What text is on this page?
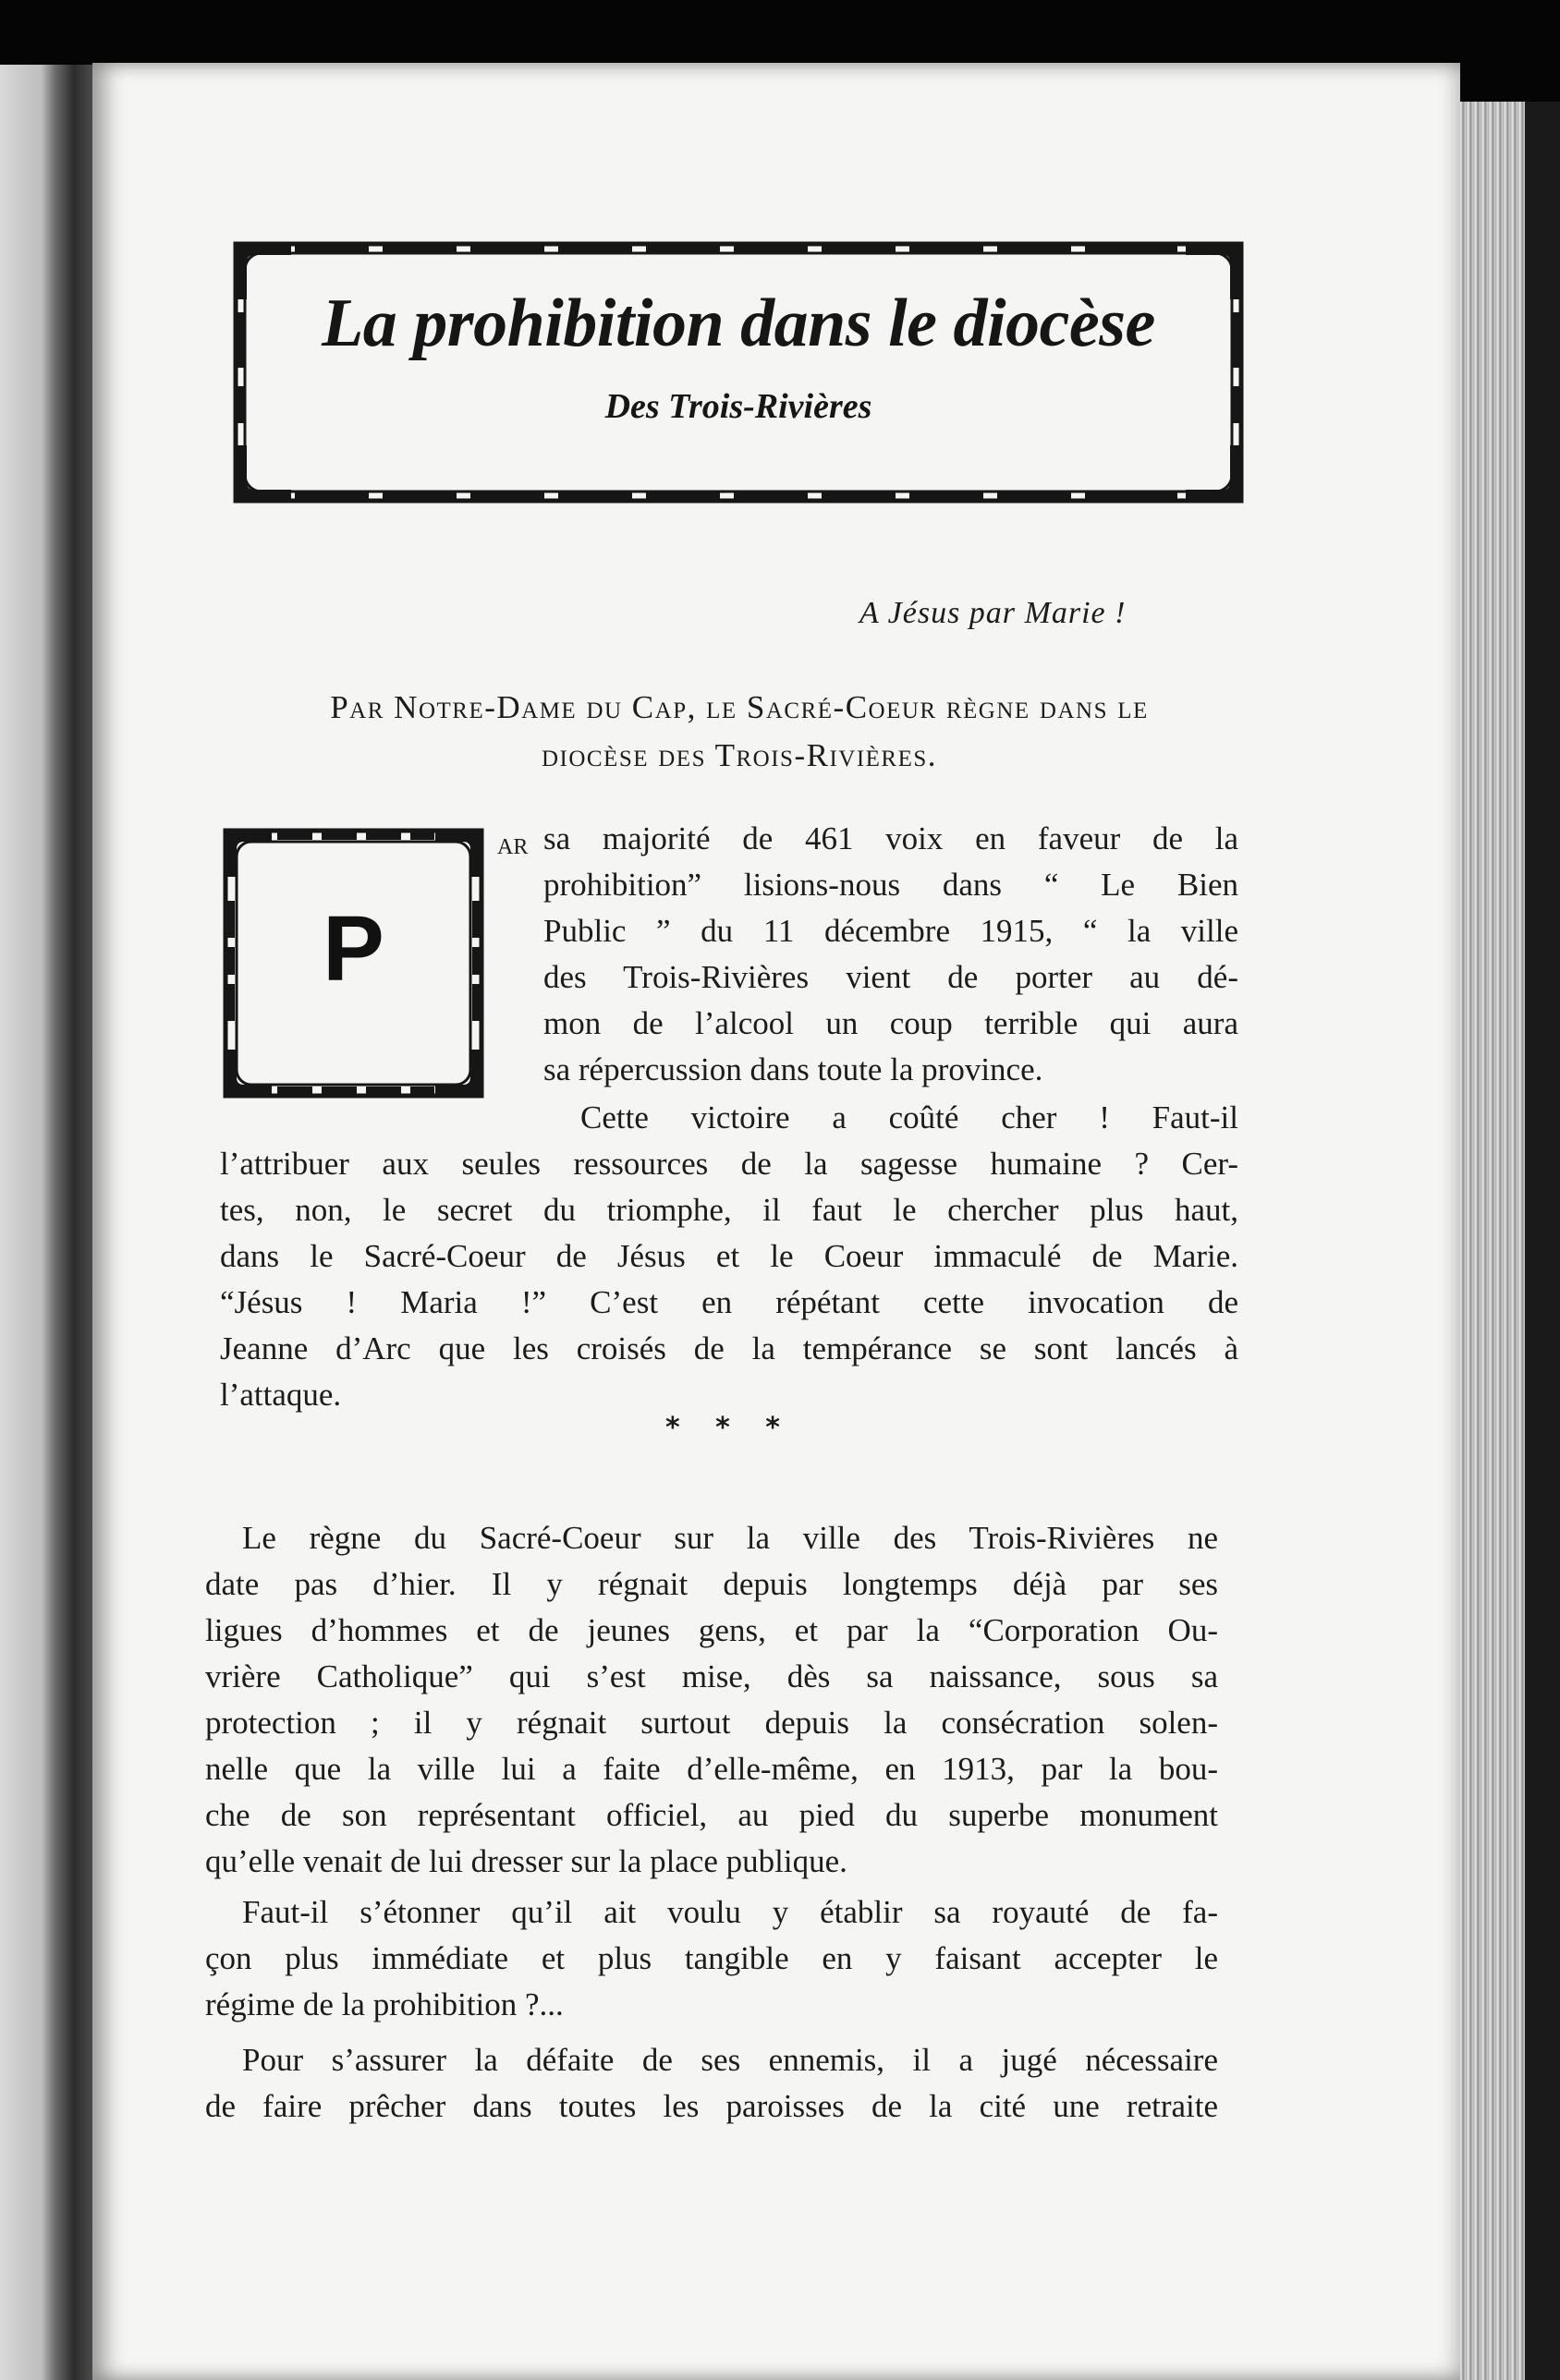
La prohibition dans le diocèse
Des Trois-Rivières
A Jésus par Marie !
Par Notre-Dame du Cap, le Sacré-Coeur règne dans le
diocèse des Trois-Rivières.
P
ar sa majorité de 461 voix en faveur de la
prohibition” lisions-nous dans “ Le Bien
Public ” du 11 décembre 1915, “ la ville
des Trois-Rivières vient de porter au dé-
mon de l’alcool un coup terrible qui aura
sa répercussion dans toute la province.
Cette victoire a coûté cher ! Faut-il
l’attribuer aux seules ressources de la sagesse humaine ? Cer-
tes, non, le secret du triomphe, il faut le chercher plus haut,
dans le Sacré-Coeur de Jésus et le Coeur immaculé de Marie.
“Jésus ! Maria !” C’est en répétant cette invocation de
Jeanne d’Arc que les croisés de la tempérance se sont lancés à
l’attaque.
* * *
Le règne du Sacré-Coeur sur la ville des Trois-Rivières ne
date pas d’hier. Il y régnait depuis longtemps déjà par ses
ligues d’hommes et de jeunes gens, et par la “Corporation Ou-
vrière Catholique” qui s’est mise, dès sa naissance, sous sa
protection ; il y régnait surtout depuis la consécration solen-
nelle que la ville lui a faite d’elle-même, en 1913, par la bou-
che de son représentant officiel, au pied du superbe monument
qu’elle venait de lui dresser sur la place publique.
Faut-il s’étonner qu’il ait voulu y établir sa royauté de fa-
çon plus immédiate et plus tangible en y faisant accepter le
régime de la prohibition ?...
Pour s’assurer la défaite de ses ennemis, il a jugé nécessaire
de faire prêcher dans toutes les paroisses de la cité une retraite
